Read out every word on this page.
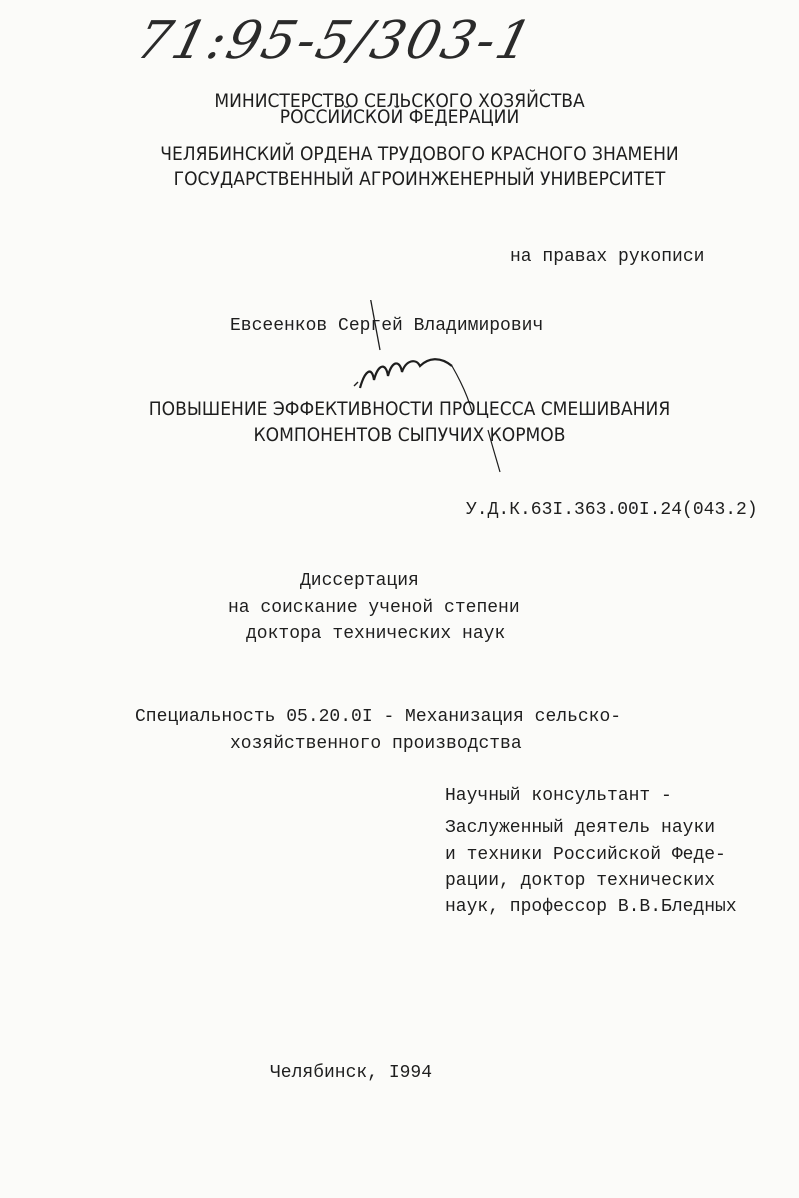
71:95-5/303-1
МИНИСТЕРСТВО СЕЛЬСКОГО ХОЗЯЙСТВА
РОССИЙСКОЙ ФЕДЕРАЦИИ
ЧЕЛЯБИНСКИЙ ОРДЕНА ТРУДОВОГО КРАСНОГО ЗНАМЕНИ
ГОСУДАРСТВЕННЫЙ АГРОИНЖЕНЕРНЫЙ УНИВЕРСИТЕТ
на правах рукописи
Евсеенков Сергей Владимирович
ПОВЫШЕНИЕ ЭФФЕКТИВНОСТИ ПРОЦЕССА СМЕШИВАНИЯ
КОМПОНЕНТОВ СЫПУЧИХ КОРМОВ
У.Д.К.63I.363.00I.24(043.2)
Диссертация
на соискание ученой степени
доктора технических наук
Специальность 05.20.0I - Механизация сельско-
хозяйственного производства
Научный консультант -
Заслуженный деятель науки
и техники Российской Феде-
рации, доктор технических
наук, профессор В.В.Бледных
Челябинск, I994
